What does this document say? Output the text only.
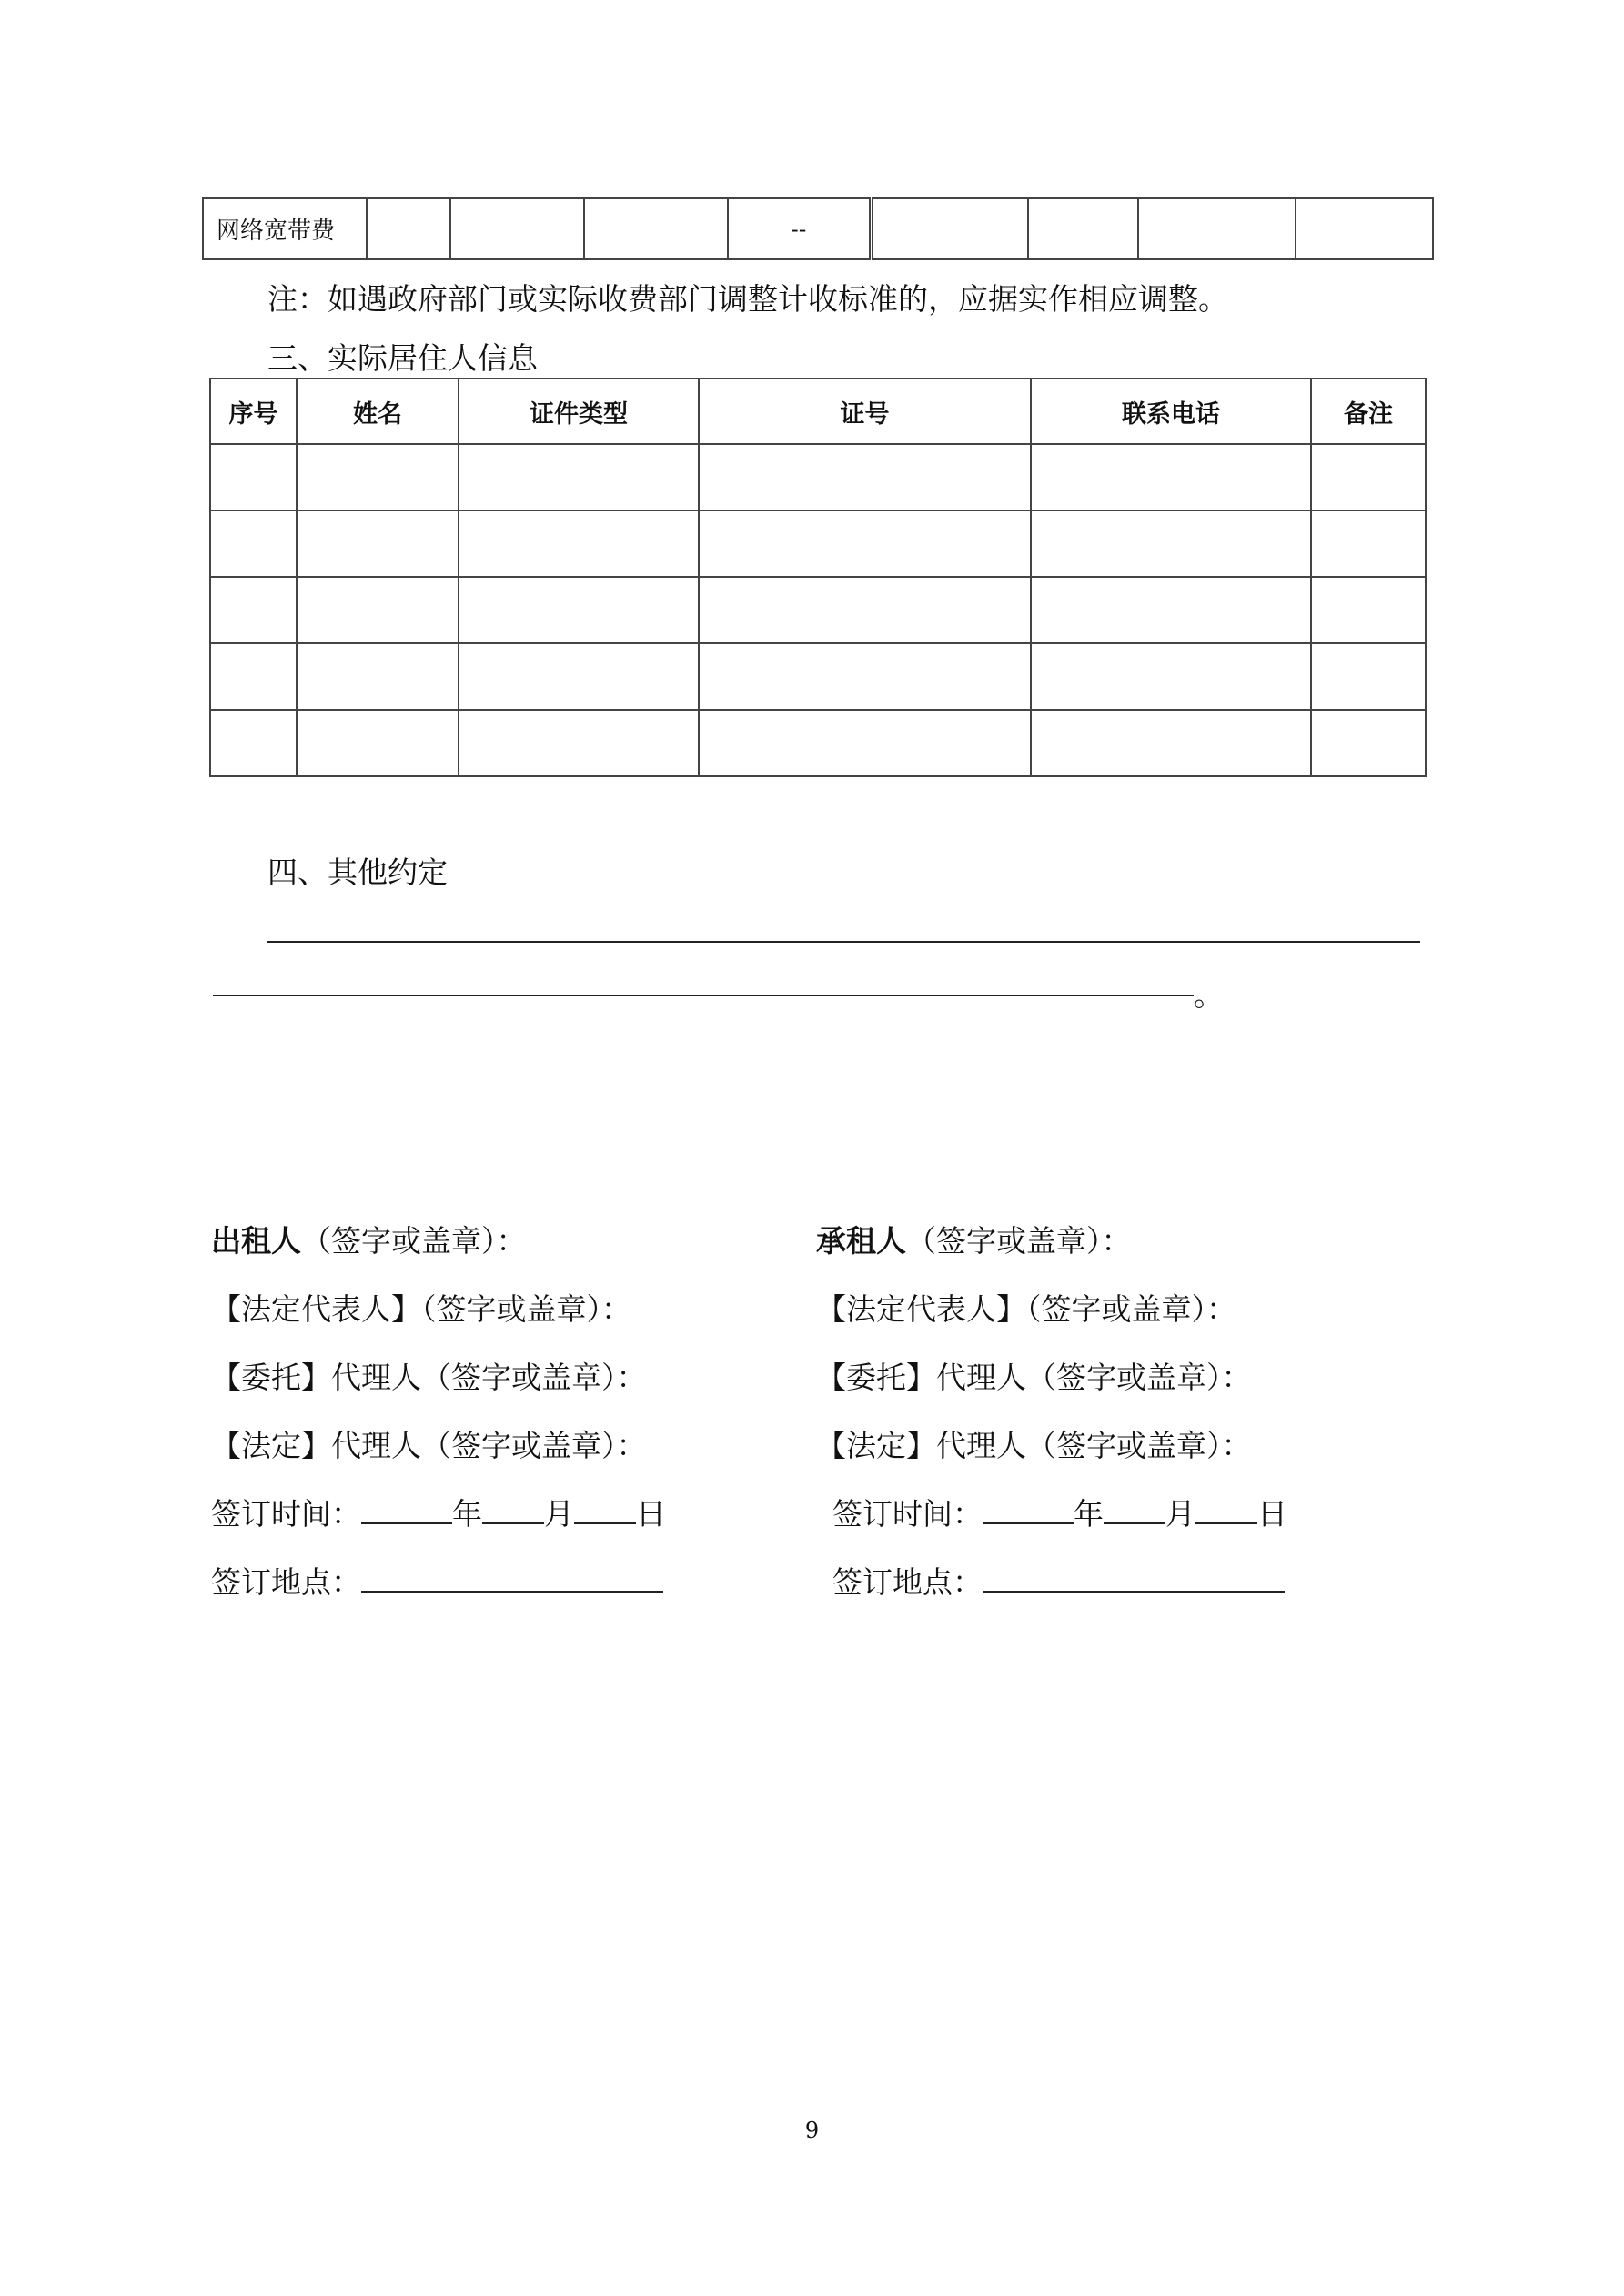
网络宽带费				--				
注：如遇政府部门或实际收费部门调整计收标准的，应据实作相应调整。
三、实际居住人信息
序号	姓名	证件类型	证号	联系电话	备注

四、其他约定
。
出租人（签字或盖章）：
【法定代表人】（签字或盖章）：
【委托】代理人（签字或盖章）：
【法定】代理人（签字或盖章）：
签订时间：	年 月 日
签订地点：
承租人（签字或盖章）：
【法定代表人】（签字或盖章）：
【委托】代理人（签字或盖章）：
【法定】代理人（签字或盖章）：
签订时间：	年 月 日
签订地点：
9
